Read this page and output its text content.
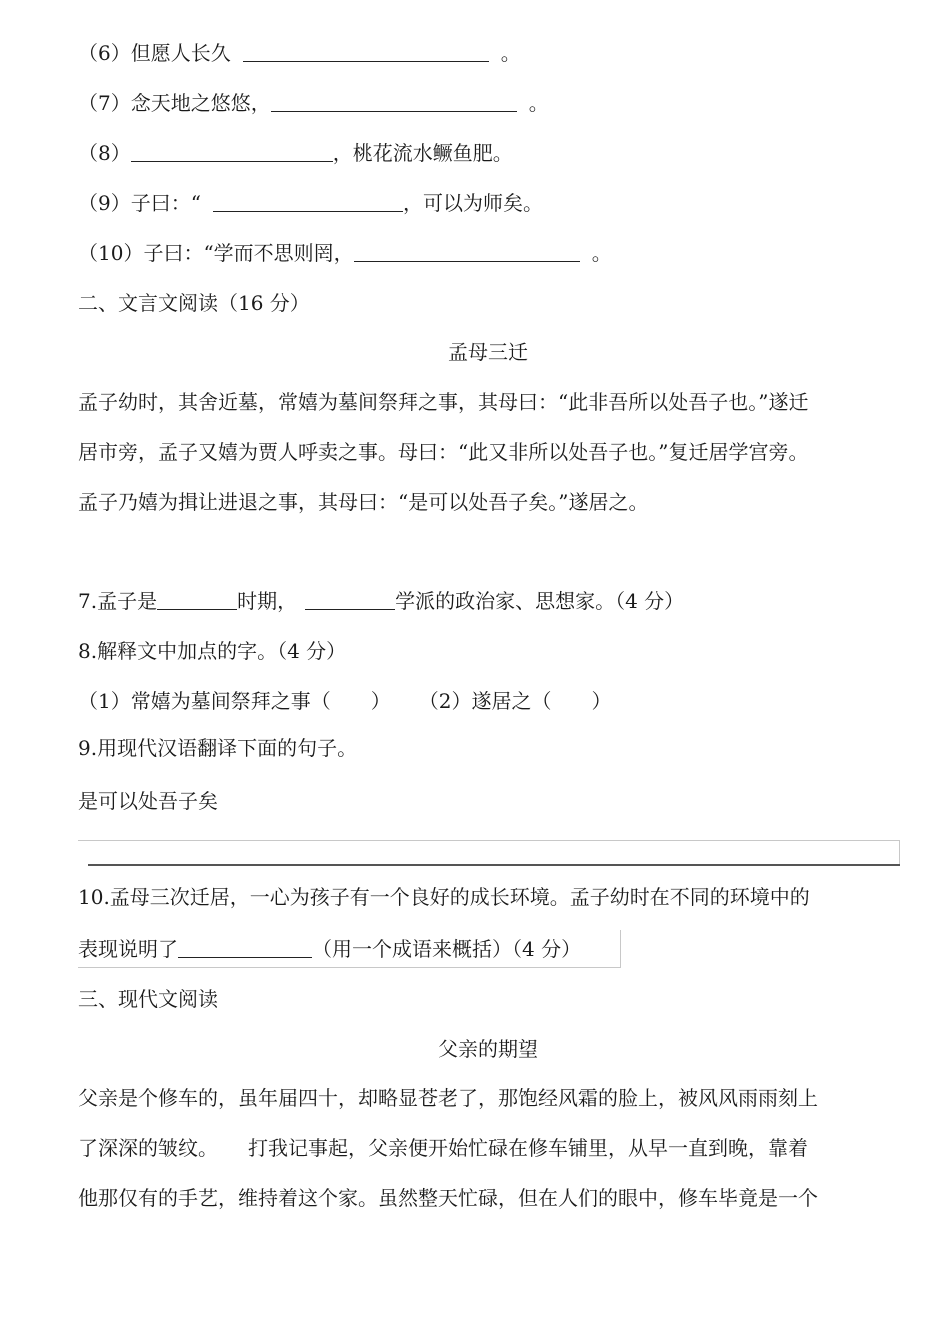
（6）但愿人长久	。
（7）念天地之悠悠，	。
（8）	，桃花流水鳜鱼肥。
（9）子曰：“	，可以为师矣。
（10）子曰：“学而不思则罔，	。
二、文言文阅读（16 分）
孟母三迁
孟子幼时，其舍近墓，常嬉为墓间祭拜之事，其母曰：“此非吾所以处吾子也。”遂迁
居市旁，孟子又嬉为贾人呼卖之事。母曰：“此又非所以处吾子也。”复迁居学宫旁。
孟子乃嬉为揖让进退之事，其母曰：“是可以处吾子矣。”遂居之。
7.孟子是	时期，	学派的政治家、思想家。（4 分）
8.解释文中加点的字。（4 分）
（1）常嬉为墓间祭拜之事（　　） （2）遂居之（　　）
9.用现代汉语翻译下面的句子。
是可以处吾子矣
10.孟母三次迁居，一心为孩子有一个良好的成长环境。孟子幼时在不同的环境中的
表现说明了	（用一个成语来概括）（4 分）
三、现代文阅读
父亲的期望
父亲是个修车的，虽年届四十，却略显苍老了，那饱经风霜的脸上，被风风雨雨刻上
了深深的皱纹。　　打我记事起，父亲便开始忙碌在修车铺里，从早一直到晚，靠着
他那仅有的手艺，维持着这个家。虽然整天忙碌，但在人们的眼中，修车毕竟是一个
